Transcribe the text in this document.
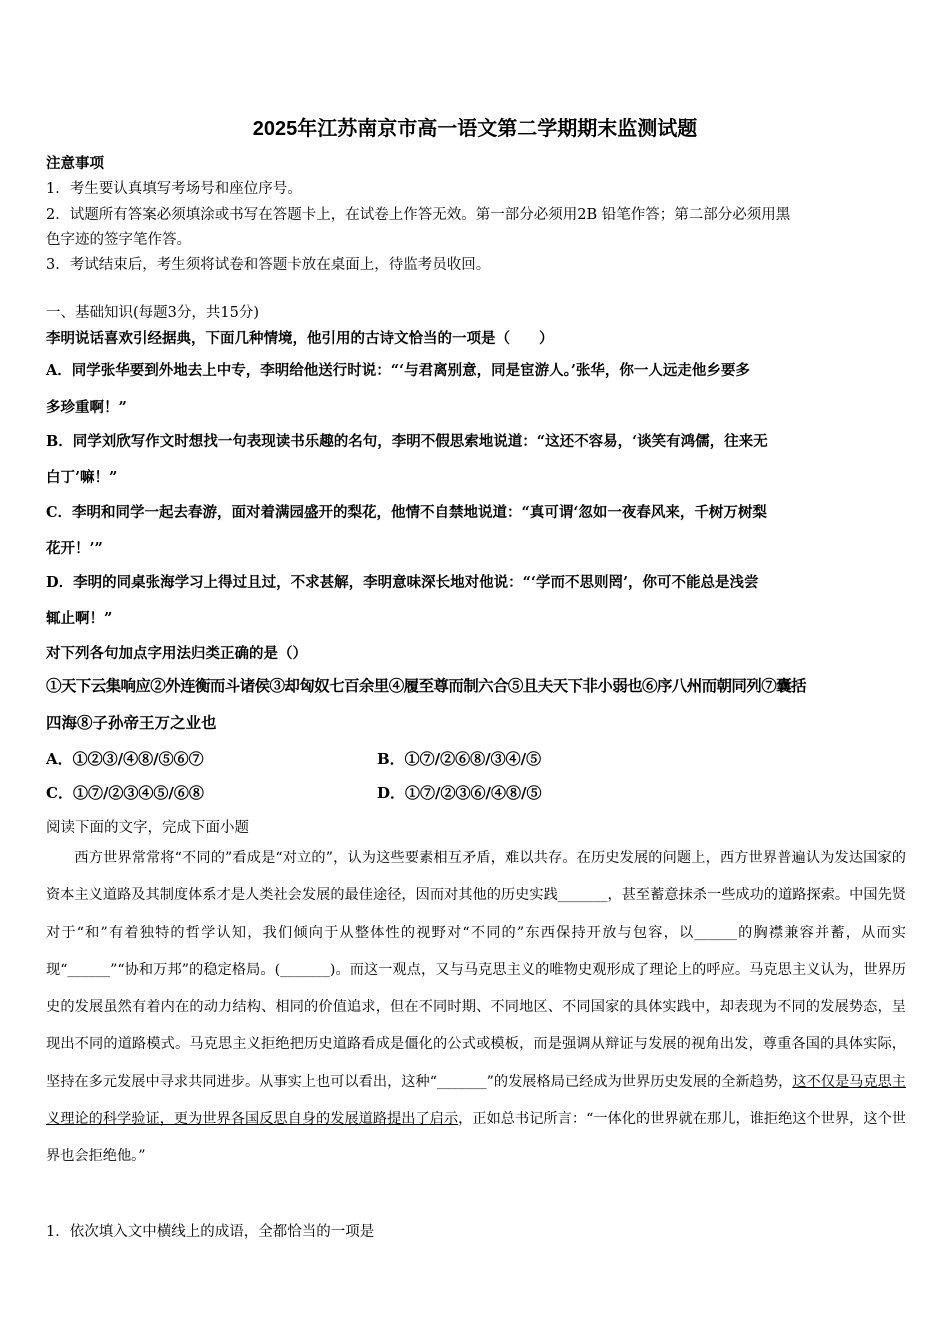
2025年江苏南京市高一语文第二学期期末监测试题
注意事项
1．考生要认真填写考场号和座位序号。
2．试题所有答案必须填涂或书写在答题卡上，在试卷上作答无效。第一部分必须用2B 铅笔作答；第二部分必须用黑
色字迹的签字笔作答。
3．考试结束后，考生须将试卷和答题卡放在桌面上，待监考员收回。
一、基础知识(每题3分，共15分)
李明说话喜欢引经据典，下面几种情境，他引用的古诗文恰当的一项是（　　）
A．同学张华要到外地去上中专，李明给他送行时说：“‘与君离别意，同是宦游人。’张华，你一人远走他乡要多
多珍重啊！”
B．同学刘欣写作文时想找一句表现读书乐趣的名句，李明不假思索地说道：“这还不容易，‘谈笑有鸿儒，往来无
白丁’嘛！”
C．李明和同学一起去春游，面对着满园盛开的梨花，他情不自禁地说道：“真可谓‘忽如一夜春风来，千树万树梨
花开！’”
D．李明的同桌张海学习上得过且过，不求甚解，李明意味深长地对他说：“‘学而不思则罔’，你可不能总是浅尝
辄止啊！”
对下列各句加点字用法归类正确的是（）
①天下云集响应②外连衡而斗诸侯③却匈奴七百余里④履至尊而制六合⑤且夫天下非小弱也⑥序八州而朝同列⑦囊括
四海⑧子孙帝王万之业也
A．①②③/④⑧/⑤⑥⑦	B．①⑦/②⑥⑧/③④/⑤
C．①⑦/②③④⑤/⑥⑧	D．①⑦/②③⑥/④⑧/⑤
阅读下面的文字，完成下面小题
西方世界常常将“不同的”看成是“对立的”，认为这些要素相互矛盾，难以共存。在历史发展的问题上，西方世界普遍认为发达国家的资本主义道路及其制度体系才是人类社会发展的最佳途径，因而对其他的历史实践_______，甚至蓄意抹杀一些成功的道路探索。中国先贤对于“和”有着独特的哲学认知，我们倾向于从整体性的视野对“不同的”东西保持开放与包容，以______的胸襟兼容并蓄，从而实现“______”“协和万邦”的稳定格局。(_______)。而这一观点，又与马克思主义的唯物史观形成了理论上的呼应。马克思主义认为，世界历史的发展虽然有着内在的动力结构、相同的价值追求，但在不同时期、不同地区、不同国家的具体实践中，却表现为不同的发展势态，呈现出不同的道路模式。马克思主义拒绝把历史道路看成是僵化的公式或模板，而是强调从辩证与发展的视角出发，尊重各国的具体实际，坚持在多元发展中寻求共同进步。从事实上也可以看出，这种“_______”的发展格局已经成为世界历史发展的全新趋势，这不仅是马克思主义理论的科学验证，更为世界各国反思自身的发展道路提出了启示，正如总书记所言：“一体化的世界就在那儿，谁拒绝这个世界，这个世界也会拒绝他。”
1．依次填入文中横线上的成语，全都恰当的一项是
